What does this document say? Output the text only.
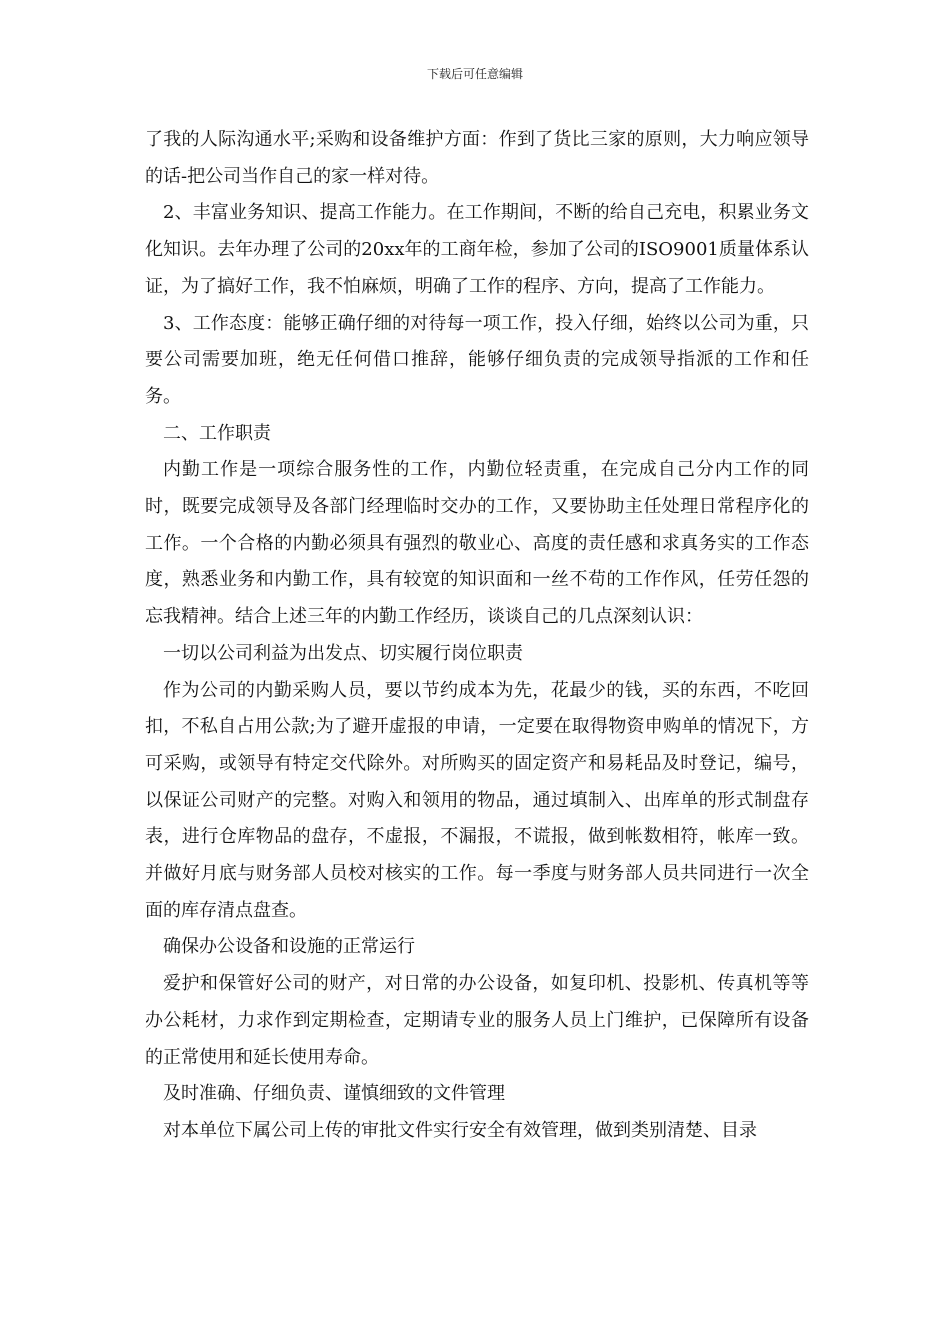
下载后可任意编辑

了我的人际沟通水平;采购和设备维护方面：作到了货比三家的原则，大力响应领导的话-把公司当作自己的家一样对待。

2、丰富业务知识、提高工作能力。在工作期间，不断的给自己充电，积累业务文化知识。去年办理了公司的20xx年的工商年检，参加了公司的ISO9001质量体系认证，为了搞好工作，我不怕麻烦，明确了工作的程序、方向，提高了工作能力。

3、工作态度：能够正确仔细的对待每一项工作，投入仔细，始终以公司为重，只要公司需要加班，绝无任何借口推辞，能够仔细负责的完成领导指派的工作和任务。

二、工作职责

内勤工作是一项综合服务性的工作，内勤位轻责重，在完成自己分内工作的同时，既要完成领导及各部门经理临时交办的工作，又要协助主任处理日常程序化的工作。一个合格的内勤必须具有强烈的敬业心、高度的责任感和求真务实的工作态度，熟悉业务和内勤工作，具有较宽的知识面和一丝不苟的工作作风，任劳任怨的忘我精神。结合上述三年的内勤工作经历，谈谈自己的几点深刻认识：

一切以公司利益为出发点、切实履行岗位职责

作为公司的内勤采购人员，要以节约成本为先，花最少的钱，买的东西，不吃回扣，不私自占用公款;为了避开虚报的申请，一定要在取得物资申购单的情况下，方可采购，或领导有特定交代除外。对所购买的固定资产和易耗品及时登记，编号，以保证公司财产的完整。对购入和领用的物品，通过填制入、出库单的形式制盘存表，进行仓库物品的盘存，不虚报，不漏报，不谎报，做到帐数相符，帐库一致。并做好月底与财务部人员校对核实的工作。每一季度与财务部人员共同进行一次全面的库存清点盘查。

确保办公设备和设施的正常运行

爱护和保管好公司的财产，对日常的办公设备，如复印机、投影机、传真机等等办公耗材，力求作到定期检查，定期请专业的服务人员上门维护，已保障所有设备的正常使用和延长使用寿命。

及时准确、仔细负责、谨慎细致的文件管理

对本单位下属公司上传的审批文件实行安全有效管理，做到类别清楚、目录
